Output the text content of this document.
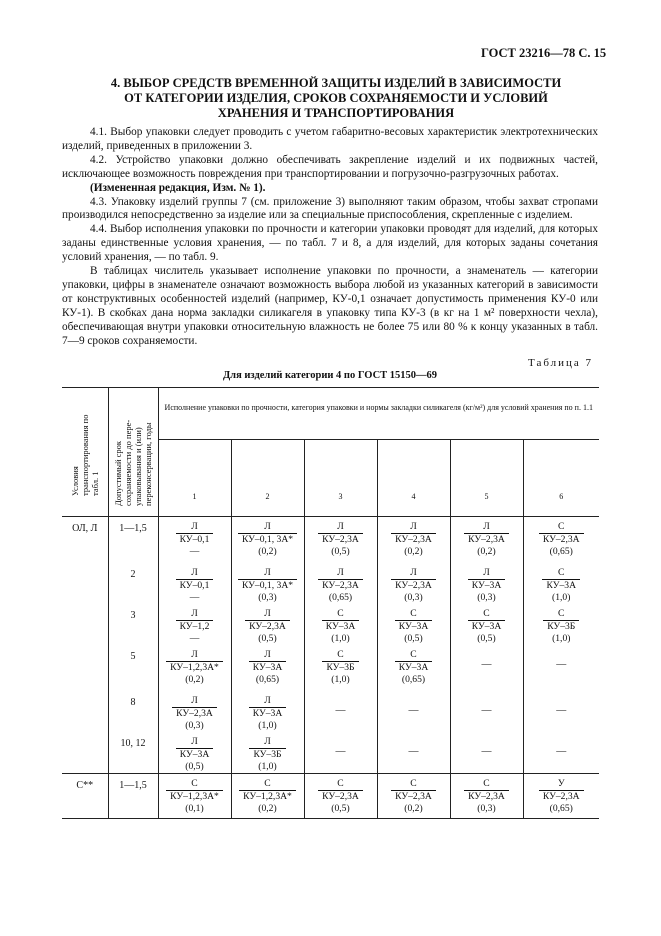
ГОСТ 23216—78 С. 15
4. ВЫБОР СРЕДСТВ ВРЕМЕННОЙ ЗАЩИТЫ ИЗДЕЛИЙ В ЗАВИСИМОСТИ
ОТ КАТЕГОРИИ ИЗДЕЛИЯ, СРОКОВ СОХРАНЯЕМОСТИ И УСЛОВИЙ
ХРАНЕНИЯ И ТРАНСПОРТИРОВАНИЯ

4.1. Выбор упаковки следует проводить с учетом габаритно-весовых характеристик электротехнических изделий, приведенных в приложении 3.

4.2. Устройство упаковки должно обеспечивать закрепление изделий и их подвижных частей, исключающее возможность повреждения при транспортировании и погрузочно-разгрузочных работах.

(Измененная редакция, Изм. № 1).

4.3. Упаковку изделий группы 7 (см. приложение 3) выполняют таким образом, чтобы захват стропами производился непосредственно за изделие или за специальные приспособления, скрепленные с изделием.

4.4. Выбор исполнения упаковки по прочности и категории упаковки проводят для изделий, для которых заданы единственные условия хранения, — по табл. 7 и 8, а для изделий, для которых заданы сочетания условий хранения, — по табл. 9.

В таблицах числитель указывает исполнение упаковки по прочности, а знаменатель — категории упаковки, цифры в знаменателе означают возможность выбора любой из указанных категорий в зависимости от конструктивных особенностей изделий (например, КУ-0,1 означает допустимость применения КУ-0 или КУ-1). В скобках дана норма закладки силикагеля в упаковку типа КУ-3 (в кг на 1 м² поверхности чехла), обеспечивающая внутри упаковки относительную влажность не более 75 или 80 % к концу указанных в табл. 7—9 сроков сохраняемости.

Таблица 7
Для изделий категории 4 по ГОСТ 15150—69
Условия транспортирования по табл. 1	Допустимый срок сохраняемости до переупаковывания и (или) переконсервации, годы	Исполнение упаковки по прочности, категория упаковки и нормы закладки силикагеля (кг/м²) для условий хранения по п. 1.1					

		1	2	3	4	5	6

ОЛ, Л	1—1,5	Л
КУ–0,1
—	Л
КУ–0,1, 3А*
(0,2)	Л
КУ–2,3А
(0,5)	Л
КУ–2,3А
(0,2)	Л
КУ–2,3А
(0,2)	С
КУ–2,3А
(0,65)

	2	Л
КУ–0,1
—	Л
КУ–0,1, 3А*
(0,3)	Л
КУ–2,3А
(0,65)	Л
КУ–2,3А
(0,3)	Л
КУ–3А
(0,3)	С
КУ–3А
(1,0)

	3	Л
КУ–1,2
—	Л
КУ–2,3А
(0,5)	С
КУ–3А
(1,0)	С
КУ–3А
(0,5)	С
КУ–3А
(0,5)	С
КУ–3Б
(1,0)

	5	Л
КУ–1,2,3А*
(0,2)	Л
КУ–3А
(0,65)	С
КУ–3Б
(1,0)	С
КУ–3А
(0,65)	—	—

	8	Л
КУ–2,3А
(0,3)	Л
КУ–3А
(1,0)	—	—	—	—

	10, 12	Л
КУ–3А
(0,5)	Л
КУ–3Б
(1,0)	—	—	—	—

С**	1—1,5	С
КУ–1,2,3А*
(0,1)	С
КУ–1,2,3А*
(0,2)	С
КУ–2,3А
(0,5)	С
КУ–2,3А
(0,2)	С
КУ–2,3А
(0,3)	У
КУ–2,3А
(0,65)
